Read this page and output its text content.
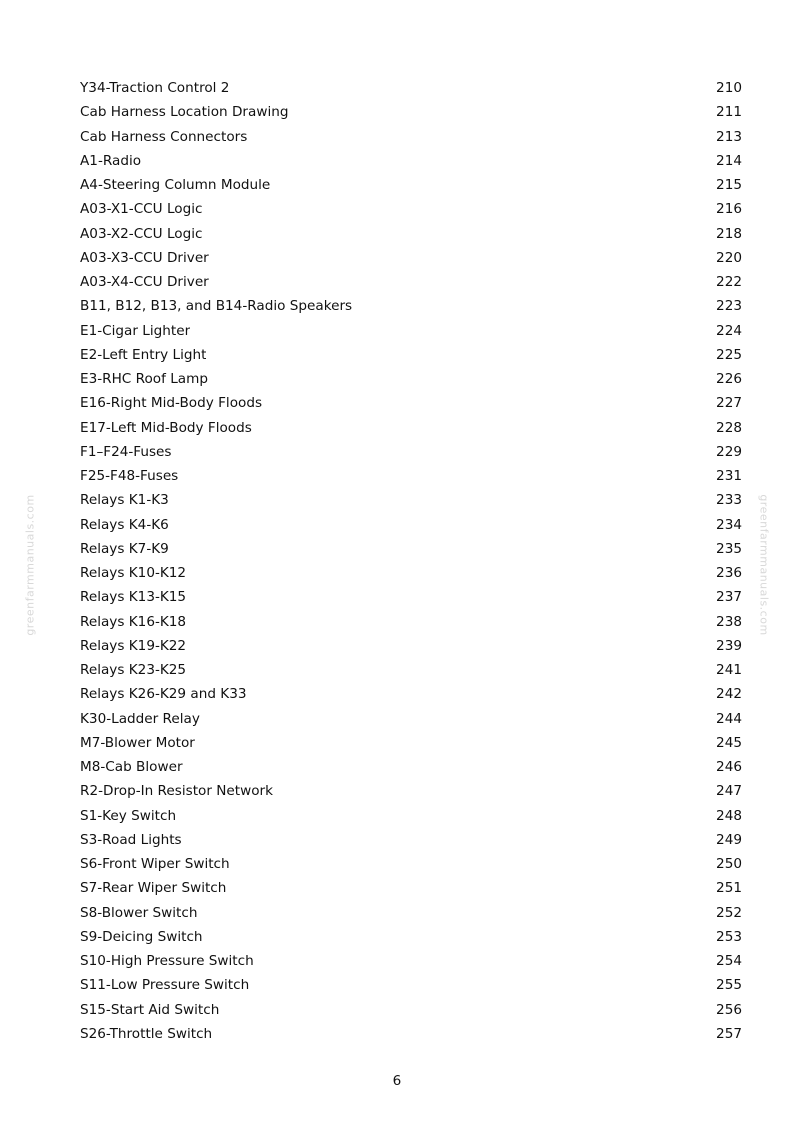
greenfarmmanuals.com	greenfarmmanuals.com
Y34-Traction Control 2	210
Cab Harness Location Drawing	211
Cab Harness Connectors	213
A1-Radio	214
A4-Steering Column Module	215
A03-X1-CCU Logic	216
A03-X2-CCU Logic	218
A03-X3-CCU Driver	220
A03-X4-CCU Driver	222
B11, B12, B13, and B14-Radio Speakers	223
E1-Cigar Lighter	224
E2-Left Entry Light	225
E3-RHC Roof Lamp	226
E16-Right Mid-Body Floods	227
E17-Left Mid-Body Floods	228
F1–F24-Fuses	229
F25-F48-Fuses	231
Relays K1-K3	233
Relays K4-K6	234
Relays K7-K9	235
Relays K10-K12	236
Relays K13-K15	237
Relays K16-K18	238
Relays K19-K22	239
Relays K23-K25	241
Relays K26-K29 and K33	242
K30-Ladder Relay	244
M7-Blower Motor	245
M8-Cab Blower	246
R2-Drop-In Resistor Network	247
S1-Key Switch	248
S3-Road Lights	249
S6-Front Wiper Switch	250
S7-Rear Wiper Switch	251
S8-Blower Switch	252
S9-Deicing Switch	253
S10-High Pressure Switch	254
S11-Low Pressure Switch	255
S15-Start Aid Switch	256
S26-Throttle Switch	257
6
